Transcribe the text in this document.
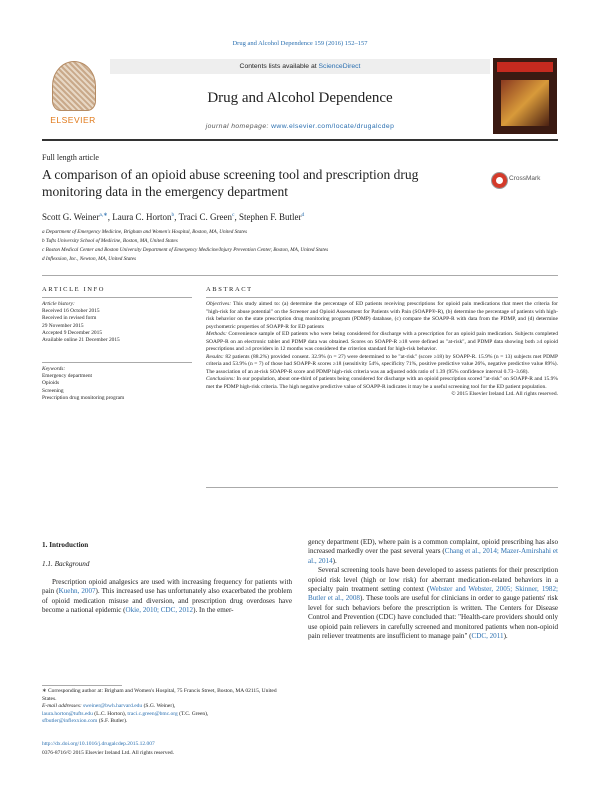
Drug and Alcohol Dependence 159 (2016) 152–157
ELSEVIER
Contents lists available at ScienceDirect
Drug and Alcohol Dependence
journal homepage: www.elsevier.com/locate/drugalcdep
Full length article
A comparison of an opioid abuse screening tool and prescription drug monitoring data in the emergency department
CrossMark
Scott G. Weiner$^{a,∗}$, Laura C. Horton$^b$, Traci C. Green$^c$, Stephen F. Butler$^d$
a Department of Emergency Medicine, Brigham and Women's Hospital, Boston, MA, United States
b Tufts University School of Medicine, Boston, MA, United States
c Boston Medical Center and Boston University Department of Emergency Medicine/Injury Prevention Center, Boston, MA, United States
d Inflexxion, Inc., Newton, MA, United States
ARTICLE INFO	ABSTRACT
Article history:
Received 16 October 2015
Received in revised form
29 November 2015
Accepted 9 December 2015
Available online 21 December 2015
Keywords:
Emergency department
Opioids
Screening
Prescription drug monitoring program
Objectives: This study aimed to: (a) determine the percentage of ED patients receiving prescriptions for opioid pain medications that meet the criteria for "high-risk for abuse potential" on the Screener and Opioid Assessment for Patients with Pain (SOAPP®-R), (b) determine the percentage of patients with high-risk behavior on the state prescription drug monitoring program (PDMP) database, (c) compare the SOAPP-R with data from the PDMP, and (d) determine psychometric properties of SOAPP-R for ED patients
Methods: Convenience sample of ED patients who were being considered for discharge with a prescription for an opioid pain medication. Subjects completed SOAPP-R on an electronic tablet and PDMP data was obtained. Scores on SOAPP-R ≥18 were defined as "at-risk", and PDMP data showing both ≥4 opioid prescriptions and ≥4 providers in 12 months was considered the criterion standard for high-risk behavior.
Results: 82 patients (88.2%) provided consent. 32.9% (n = 27) were determined to be "at-risk" (score ≥18) by SOAPP-R. 15.9% (n = 13) subjects met PDMP criteria and 53.9% (n = 7) of those had SOAPP-R scores ≥18 (sensitivity 54%, specificity 71%, positive predictive value 26%, negative predictive value 89%). The association of an at-risk SOAPP-R score and PDMP high-risk criteria was an adjusted odds ratio of 1.39 (95% confidence interval 0.73–3.68).
Conclusions: In our population, about one-third of patients being considered for discharge with an opioid prescription scored "at-risk" on SOAPP-R and 15.9% met the PDMP high-risk criteria. The high negative predictive value of SOAPP-R indicates it may be a useful screening tool for the ED patient population.
© 2015 Elsevier Ireland Ltd. All rights reserved.
1. Introduction
1.1. Background
Prescription opioid analgesics are used with increasing frequency for patients with pain (Kuehn, 2007). This increased use has unfortunately also exacerbated the problem of opioid medication misuse and diversion, and prescription drug overdoses have become a national epidemic (Okie, 2010; CDC, 2012). In the emer-

gency department (ED), where pain is a common complaint, opioid prescribing has also increased markedly over the past several years (Chang et al., 2014; Mazer-Amirshahi et al., 2014).

Several screening tools have been developed to assess patients for their prescription opioid risk level (high or low risk) for aberrant medication-related behaviors in a specialty pain treatment setting context (Webster and Webster, 2005; Skinner, 1982; Butler et al., 2008). These tools are useful for clinicians in order to gauge patients' risk level for such behaviors before the prescription is written. The Centers for Disease Control and Prevention (CDC) have concluded that: "Health-care providers should only use opioid pain relievers in carefully screened and monitored patients when non-opioid pain reliever treatments are insufficient to manage pain" (CDC, 2011).

∗ Corresponding author at: Brigham and Women's Hospital, 75 Francis Street, Boston, MA 02115, United States.
E-mail addresses: sweiner@bwh.harvard.edu (S.G. Weiner),
laura.horton@tufts.edu (L.C. Horton), traci.c.green@bmc.org (T.C. Green),
sfbutler@inflexxion.com (S.F. Butler).
http://dx.doi.org/10.1016/j.drugalcdep.2015.12.007
0376-8716/© 2015 Elsevier Ireland Ltd. All rights reserved.
